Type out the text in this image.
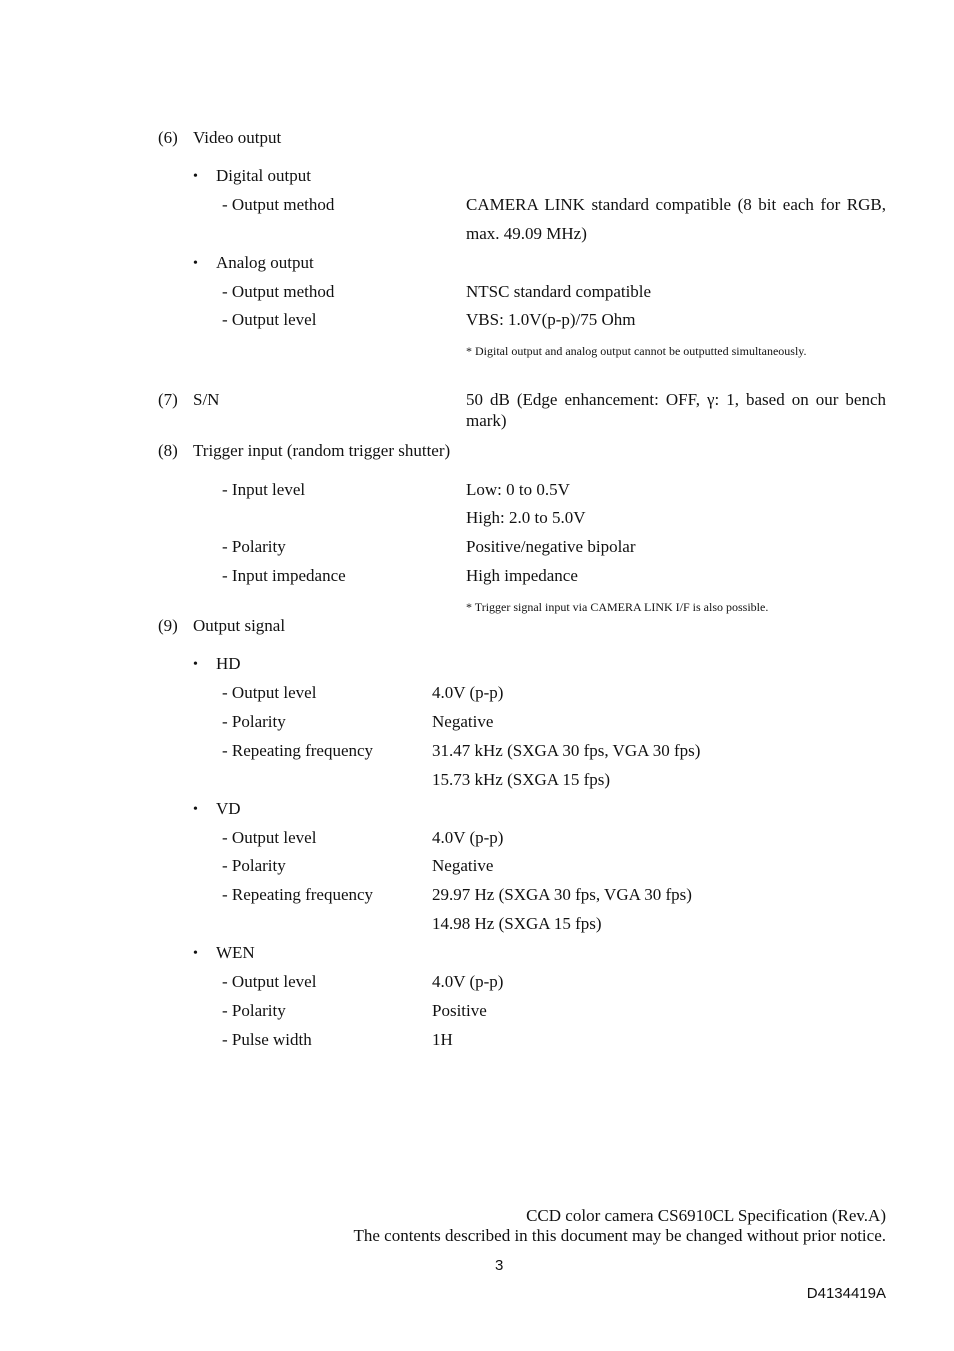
(6) Video output
• Digital output
- Output method	CAMERA LINK standard compatible (8 bit each for RGB,
max. 49.09 MHz)
• Analog output
- Output method	NTSC standard compatible
- Output level	VBS: 1.0V(p-p)/75 Ohm
* Digital output and analog output cannot be outputted simultaneously.
(7) S/N	50 dB (Edge enhancement: OFF, γ: 1, based on our bench
mark)
(8) Trigger input (random trigger shutter)
- Input level	Low: 0 to 0.5V
High: 2.0 to 5.0V
- Polarity	Positive/negative bipolar
- Input impedance	High impedance
* Trigger signal input via CAMERA LINK I/F is also possible.
(9) Output signal
• HD
- Output level	4.0V (p-p)
- Polarity	Negative
- Repeating frequency	31.47 kHz (SXGA 30 fps, VGA 30 fps)
15.73 kHz (SXGA 15 fps)
• VD
- Output level	4.0V (p-p)
- Polarity	Negative
- Repeating frequency	29.97 Hz (SXGA 30 fps, VGA 30 fps)
14.98 Hz (SXGA 15 fps)
• WEN
- Output level	4.0V (p-p)
- Polarity	Positive
- Pulse width	1H
CCD color camera CS6910CL Specification (Rev.A)
The contents described in this document may be changed without prior notice.
3
D4134419A
